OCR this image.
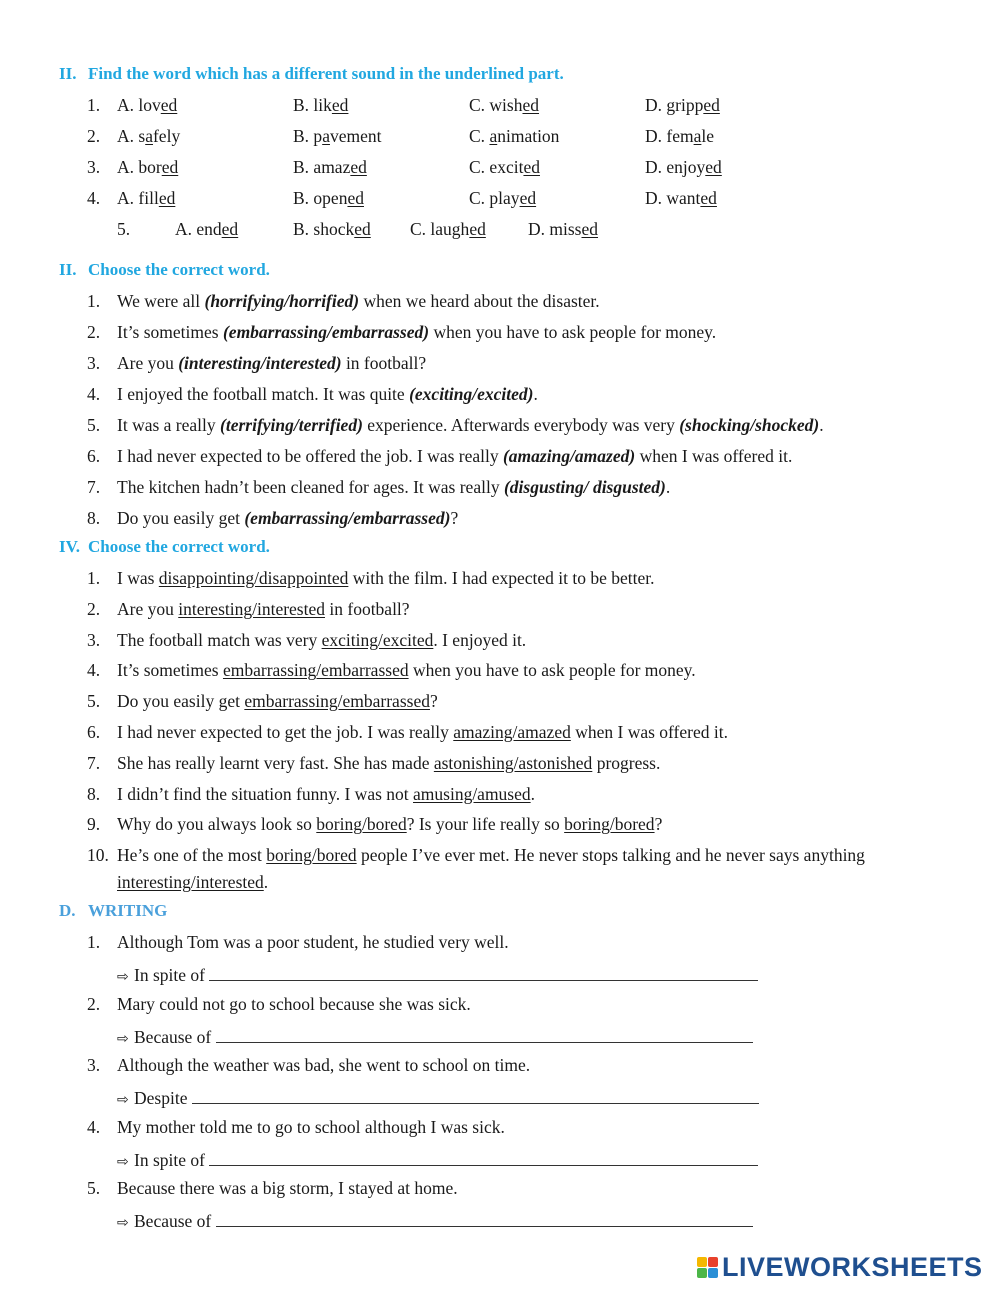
II. Find the word which has a different sound in the underlined part.
1. A. loved	B. liked	C. wished	D. gripped
2. A. safely	B. pavement	C. animation	D. female
3. A. bored	B. amazed	C. excited	D. enjoyed
4. A. filled	B. opened	C. played	D. wanted
5.	A. ended	B. shocked C. laughed D. missed
II. Choose the correct word.
1. We were all (horrifying/horrified) when we heard about the disaster.
2. It’s sometimes (embarrassing/embarrassed) when you have to ask people for money.
3. Are you (interesting/interested) in football?
4. I enjoyed the football match. It was quite (exciting/excited).
5. It was a really (terrifying/terrified) experience. Afterwards everybody was very (shocking/shocked).
6. I had never expected to be offered the job. I was really (amazing/amazed) when I was offered it.
7. The kitchen hadn’t been cleaned for ages. It was really (disgusting/ disgusted).
8. Do you easily get (embarrassing/embarrassed)?
IV. Choose the correct word.
1. I was disappointing/disappointed with the film. I had expected it to be better.
2. Are you interesting/interested in football?
3. The football match was very exciting/excited. I enjoyed it.
4. It’s sometimes embarrassing/embarrassed when you have to ask people for money.
5. Do you easily get embarrassing/embarrassed?
6. I had never expected to get the job. I was really amazing/amazed when I was offered it.
7. She has really learnt very fast. She has made astonishing/astonished progress.
8. I didn’t find the situation funny. I was not amusing/amused.
9. Why do you always look so boring/bored? Is your life really so boring/bored?
10. He’s one of the most boring/bored people I’ve ever met. He never stops talking and he never says anything
interesting/interested.
D. WRITING
1. Although Tom was a poor student, he studied very well.
⇨ In spite of
2. Mary could not go to school because she was sick.
⇨ Because of
3. Although the weather was bad, she went to school on time.
⇨ Despite
4. My mother told me to go to school although I was sick.
⇨ In spite of
5. Because there was a big storm, I stayed at home.
⇨ Because of
LIVEWORKSHEETS
